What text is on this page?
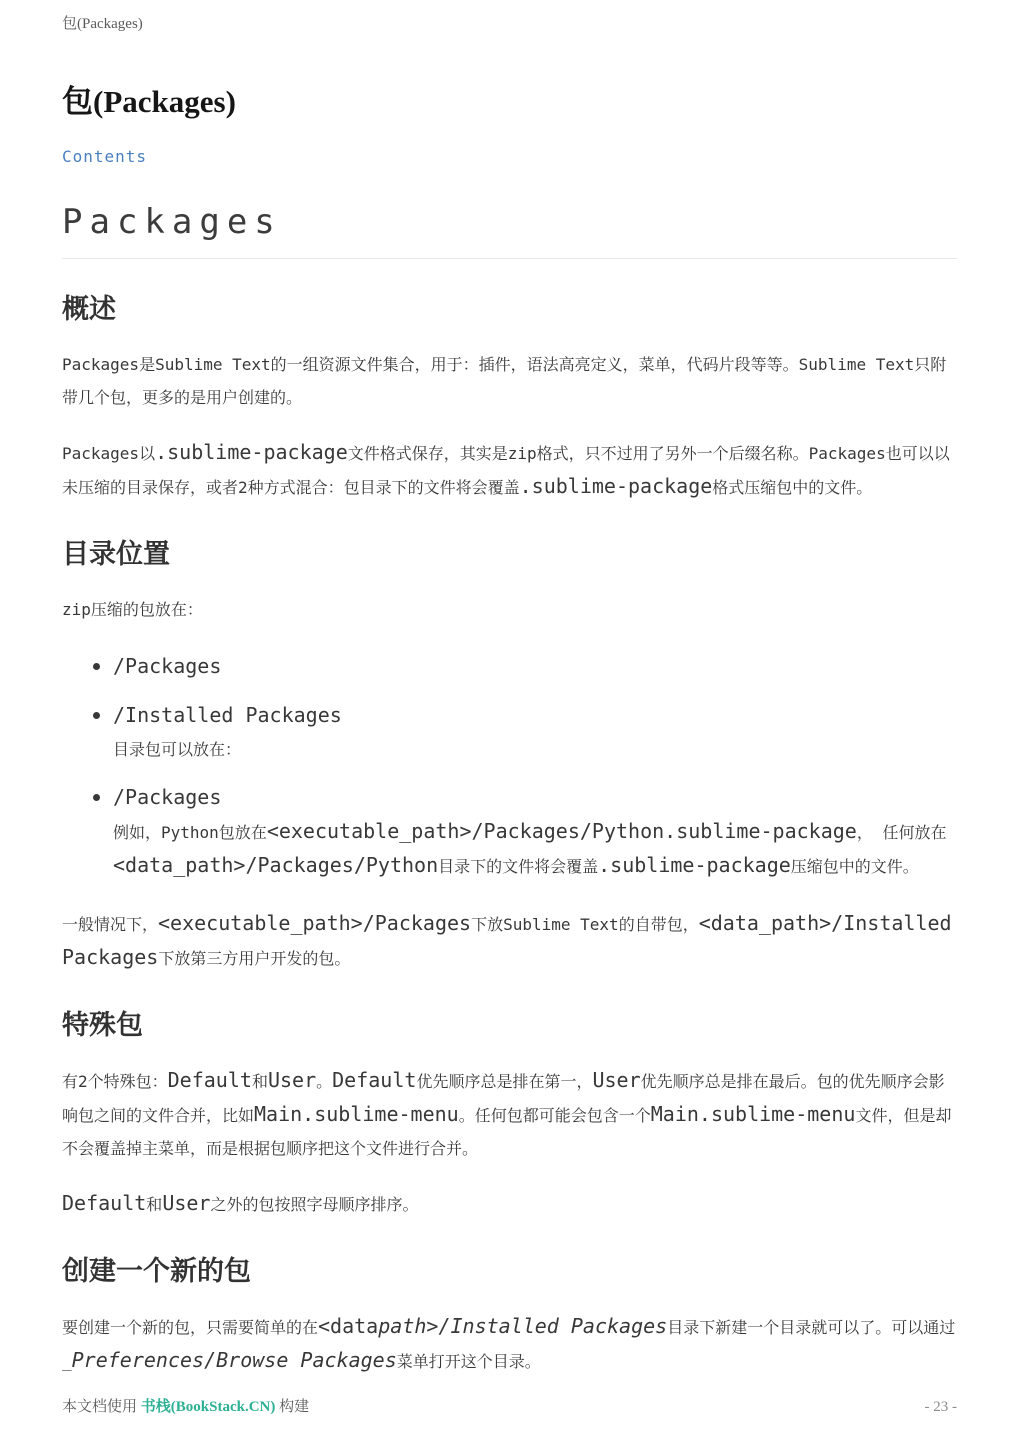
包(Packages)
包(Packages)
Contents
Packages
概述

Packages是Sublime Text的一组资源文件集合，用于：插件，语法高亮定义，菜单，代码片段等等。Sublime Text只附带几个包，更多的是用户创建的。

Packages以.sublime-package文件格式保存，其实是zip格式，只不过用了另外一个后缀名称。Packages也可以以未压缩的目录保存，或者2种方式混合：包目录下的文件将会覆盖.sublime-package格式压缩包中的文件。

目录位置

zip压缩的包放在：

/Packages
/Installed Packages
目录包可以放在：
/Packages
例如，Python包放在<executable_path>/Packages/Python.sublime-package， 任何放在<data_path>/Packages/Python目录下的文件将会覆盖.sublime-package压缩包中的文件。

一般情况下，<executable_path>/Packages下放Sublime Text的自带包，<data_path>/Installed Packages下放第三方用户开发的包。

特殊包

有2个特殊包：Default和User。Default优先顺序总是排在第一，User优先顺序总是排在最后。包的优先顺序会影响包之间的文件合并，比如Main.sublime-menu。任何包都可能会包含一个Main.sublime-menu文件，但是却不会覆盖掉主菜单，而是根据包顺序把这个文件进行合并。

Default和User之外的包按照字母顺序排序。

创建一个新的包

要创建一个新的包，只需要简单的在<datapath>/Installed Packages目录下新建一个目录就可以了。可以通过_Preferences/Browse Packages菜单打开这个目录。

本文档使用 书栈(BookStack.CN) 构建	- 23 -
